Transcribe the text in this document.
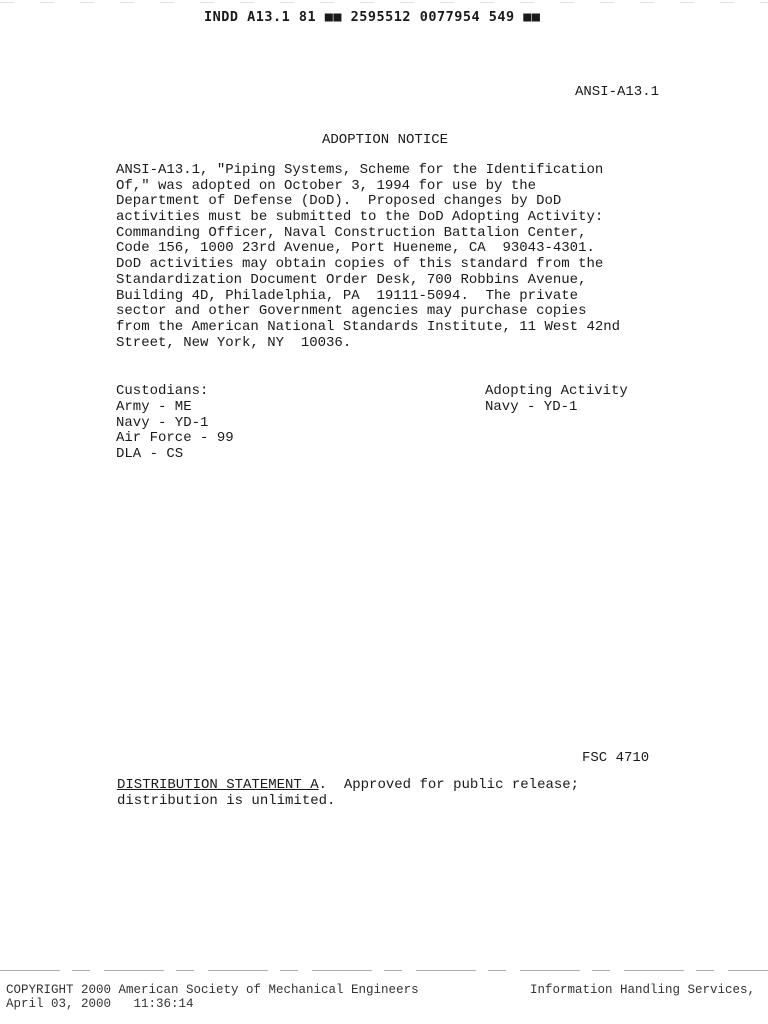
INDD A13.1 81 ■■ 2595512 0077954 549 ■■
ANSI-A13.1
ADOPTION NOTICE
ANSI-A13.1, "Piping Systems, Scheme for the Identification
Of," was adopted on October 3, 1994 for use by the
Department of Defense (DoD).  Proposed changes by DoD
activities must be submitted to the DoD Adopting Activity:
Commanding Officer, Naval Construction Battalion Center,
Code 156, 1000 23rd Avenue, Port Hueneme, CA  93043-4301.
DoD activities may obtain copies of this standard from the
Standardization Document Order Desk, 700 Robbins Avenue,
Building 4D, Philadelphia, PA  19111-5094.  The private
sector and other Government agencies may purchase copies
from the American National Standards Institute, 11 West 42nd
Street, New York, NY  10036.
Custodians:
Army - ME
Navy - YD-1
Air Force - 99
DLA - CS
Adopting Activity
Navy - YD-1
FSC 4710
DISTRIBUTION STATEMENT A.  Approved for public release;
distribution is unlimited.
COPYRIGHT 2000 American Society of Mechanical Engineers
April 03, 2000   11:36:14
Information Handling Services,
